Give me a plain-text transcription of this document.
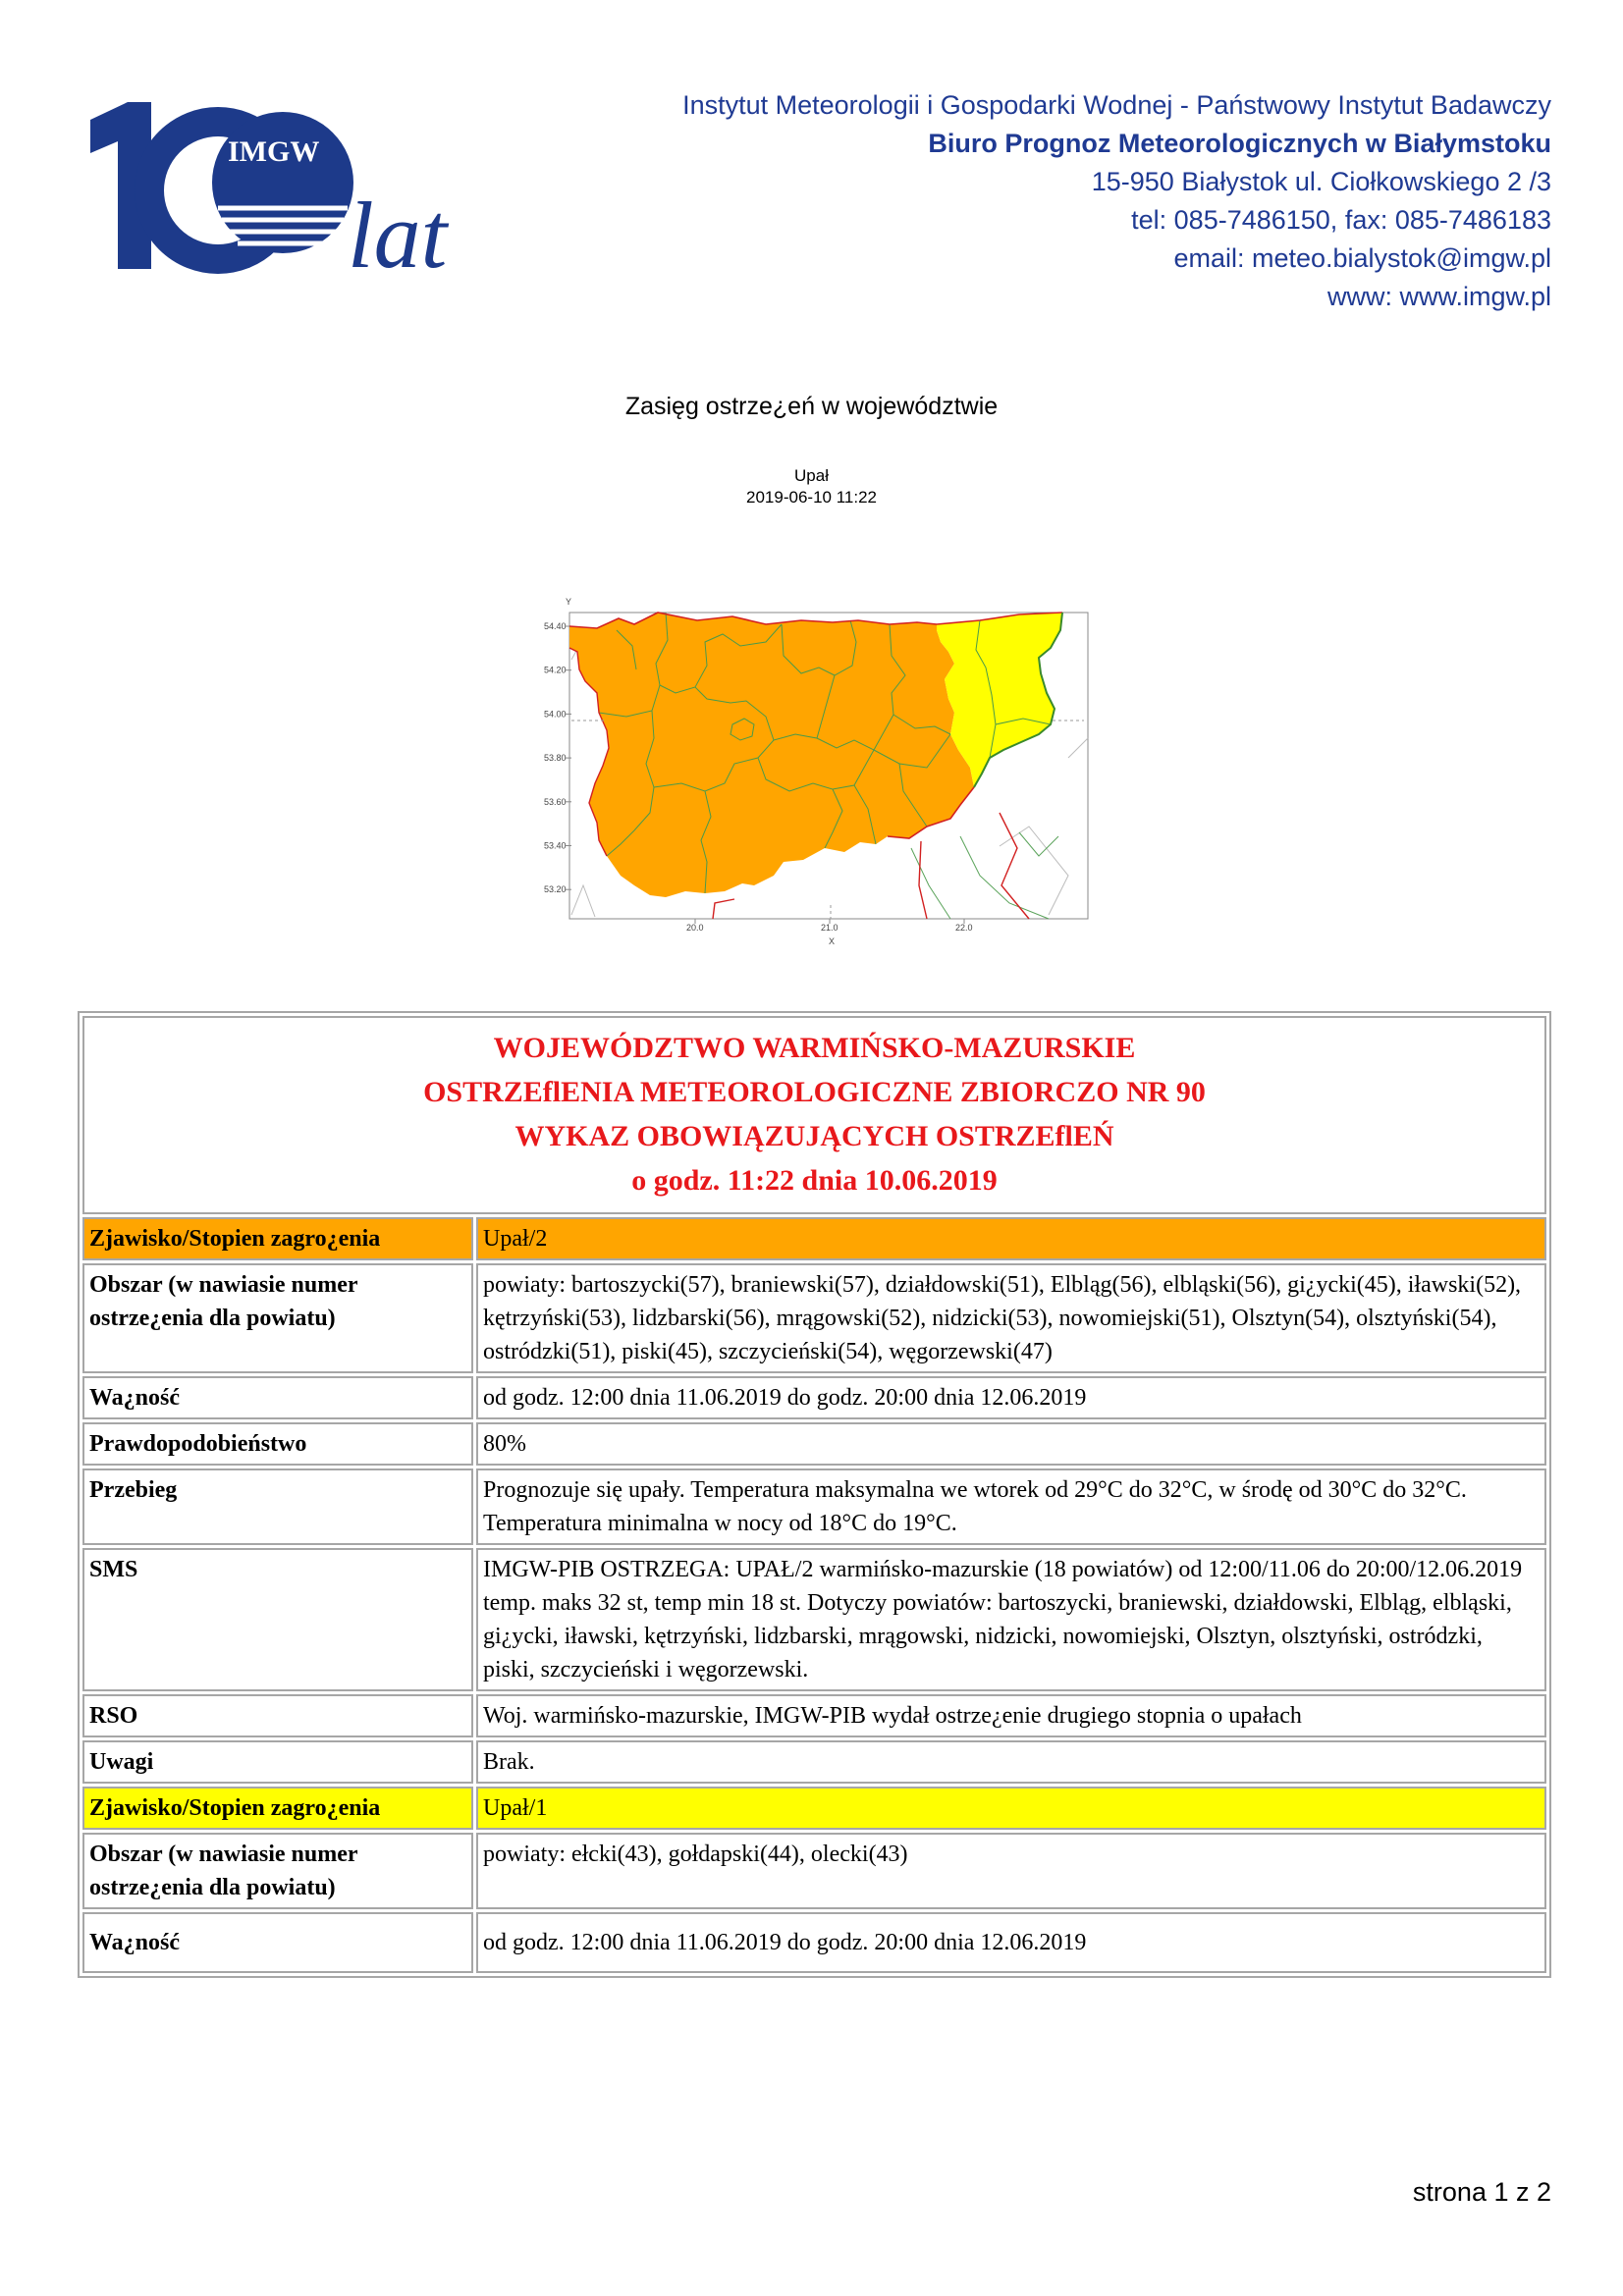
IMGW
lat
Instytut Meteorologii i Gospodarki Wodnej - Państwowy Instytut Badawczy
Biuro Prognoz Meteorologicznych w Białymstoku
15-950 Białystok ul. Ciołkowskiego 2 /3
tel: 085-7486150, fax: 085-7486183
email: meteo.bialystok@imgw.pl
www: www.imgw.pl
Zasięg ostrze¿eń w województwie
Upał
2019-06-10 11:22
Y
X
54.40
54.20
54.00
53.80
53.60
53.40
53.20
20.0	21.0	22.0
WOJEWÓDZTWO WARMIŃSKO-MAZURSKIE
OSTRZEflENIA METEOROLOGICZNE ZBIORCZO NR 90
WYKAZ OBOWIĄZUJĄCYCH OSTRZEflEŃ
o godz. 11:22 dnia 10.06.2019	

Zjawisko/Stopien zagro¿enia	Upał/2
Obszar (w nawiasie numer ostrze¿enia dla powiatu)	powiaty: bartoszycki(57), braniewski(57), działdowski(51), Elbląg(56), elbląski(56), gi¿ycki(45), iławski(52), kętrzyński(53), lidzbarski(56), mrągowski(52), nidzicki(53), nowomiejski(51), Olsztyn(54), olsztyński(54), ostródzki(51), piski(45), szczycieński(54), węgorzewski(47)
Wa¿ność	od godz. 12:00 dnia 11.06.2019 do godz. 20:00 dnia 12.06.2019
Prawdopodobieństwo	80%
Przebieg	Prognozuje się upały. Temperatura maksymalna we wtorek od 29°C do 32°C, w środę od 30°C do 32°C. Temperatura minimalna w nocy od 18°C do 19°C.
SMS	IMGW-PIB OSTRZEGA: UPAŁ/2 warmińsko-mazurskie (18 powiatów) od 12:00/11.06 do 20:00/12.06.2019 temp. maks 32 st, temp min 18 st. Dotyczy powiatów: bartoszycki, braniewski, działdowski, Elbląg, elbląski, gi¿ycki, iławski, kętrzyński, lidzbarski, mrągowski, nidzicki, nowomiejski, Olsztyn, olsztyński, ostródzki, piski, szczycieński i węgorzewski.
RSO	Woj. warmińsko-mazurskie, IMGW-PIB wydał ostrze¿enie drugiego stopnia o upałach
Uwagi	Brak.
Zjawisko/Stopien zagro¿enia	Upał/1
Obszar (w nawiasie numer ostrze¿enia dla powiatu)	powiaty: ełcki(43), gołdapski(44), olecki(43)
Wa¿ność	od godz. 12:00 dnia 11.06.2019 do godz. 20:00 dnia 12.06.2019
strona 1 z 2
